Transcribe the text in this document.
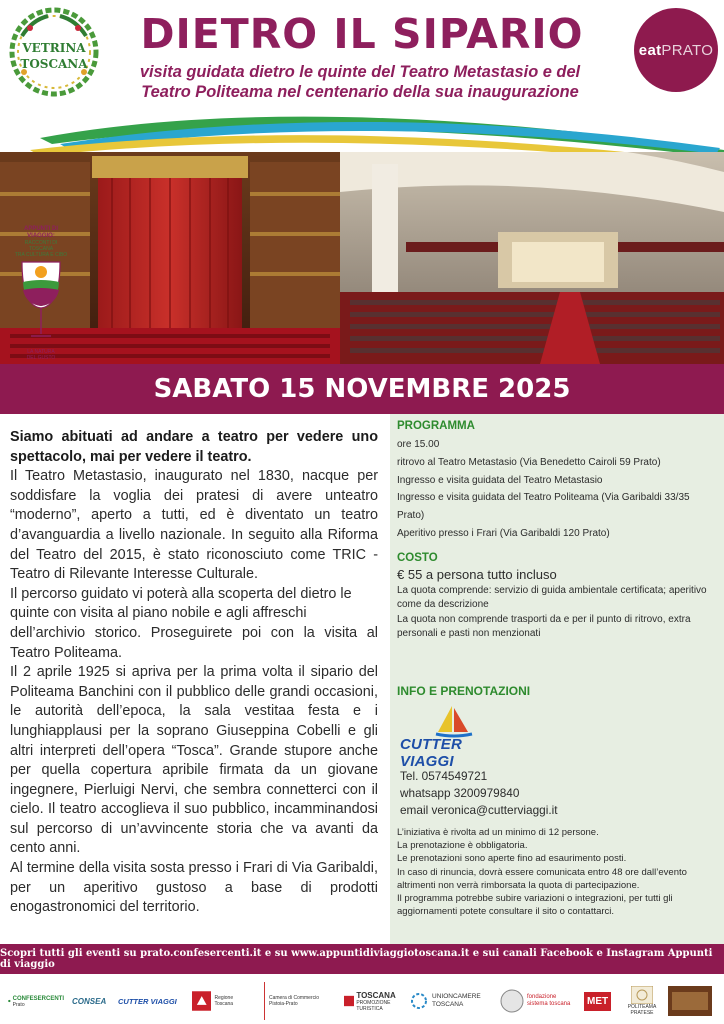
VETRINA
TOSCANA
DIETRO IL SIPARIO
visita guidata dietro le quinte del Teatro Metastasio e del
Teatro Politeama nel centenario della sua inaugurazione
eat PRATO
APPUNTI DI VIAGGIO:
RACCONTI DI TOSCANA
TRA CULTURA E CIBO
LA NATURA
DEL GUSTO
SABATO 15 NOVEMBRE 2025

Siamo abituati ad andare a teatro per vedere uno spettacolo, mai per vedere il teatro.

Il Teatro Metastasio, inaugurato nel 1830, nacque per soddisfare la voglia dei pratesi di avere unteatro “moderno”, aperto a tutti, ed è diventato un teatro d’avanguardia a livello nazionale. In seguito alla Riforma del Teatro del 2015, è stato riconosciuto come TRIC - Teatro di Rilevante Interesse Culturale.

Il percorso guidato vi poterà alla scoperta del dietro le quinte con visita al piano nobile e agli affreschi

dell’archivio storico. Proseguirete poi con la visita al Teatro Politeama.

Il 2 aprile 1925 si apriva per la prima volta il sipario del Politeama Banchini con il pubblico delle grandi occasioni, le autorità dell’epoca, la sala vestitaa festa e i lunghiapplausi per la soprano Giuseppina Cobelli e gli altri interpreti dell’opera “Tosca”. Grande stupore anche per quella copertura apribile firmata da un giovane ingegnere, Pierluigi Nervi, che sembra connetterci con il cielo. Il teatro accoglieva il suo pubblico, incamminandosi sul percorso di un’avvincente storia che va avanti da cento anni.

Al termine della visita sosta presso i Frari di Via Garibaldi, per un aperitivo gustoso a base di prodotti enogastronomici del territorio.

PROGRAMMA
ore 15.00
ritrovo al Teatro Metastasio (Via Benedetto Cairoli 59 Prato)
Ingresso e visita guidata del Teatro Metastasio
Ingresso e visita guidata del Teatro Politeama (Via Garibaldi 33/35 Prato)
Aperitivo presso i Frari (Via Garibaldi 120 Prato)
COSTO
€ 55 a persona tutto incluso
La quota comprende: servizio di guida ambientale certificata; aperitivo come da descrizione
La quota non comprende trasporti da e per il punto di ritrovo, extra personali e pasti non menzionati
INFO E PRENOTAZIONI
CUTTER VIAGGI
Tel. 0574549721
whatsapp 3200979840
email veronica@cutterviaggi.it
L’iniziativa è rivolta ad un minimo di 12 persone.
La prenotazione è obbligatoria.
Le prenotazioni sono aperte fino ad esaurimento posti.
In caso di rinuncia, dovrà essere comunicata entro 48 ore dall’evento altrimenti non verrà rimborsata la quota di partecipazione.
Il programma potrebbe subire variazioni o integrazioni, per tutti gli aggiornamenti potete consultare il sito o contattarci.
Scopri tutti gli eventi su prato.confesercenti.it e su www.appuntidiviaggiotoscana.it e sui canali Facebook e Instagram Appunti di viaggio
CONFESERCENTI
Prato	CONSEA CUTTER VIAGGI	Regione Toscana
Camera di Commercio
Pistoia-Prato
TOSCANA
PROMOZIONE TURISTICA
UNIONCAMERE
TOSCANA
fondazione
sistema toscana	MET
POLITEAMA
PRATESE
